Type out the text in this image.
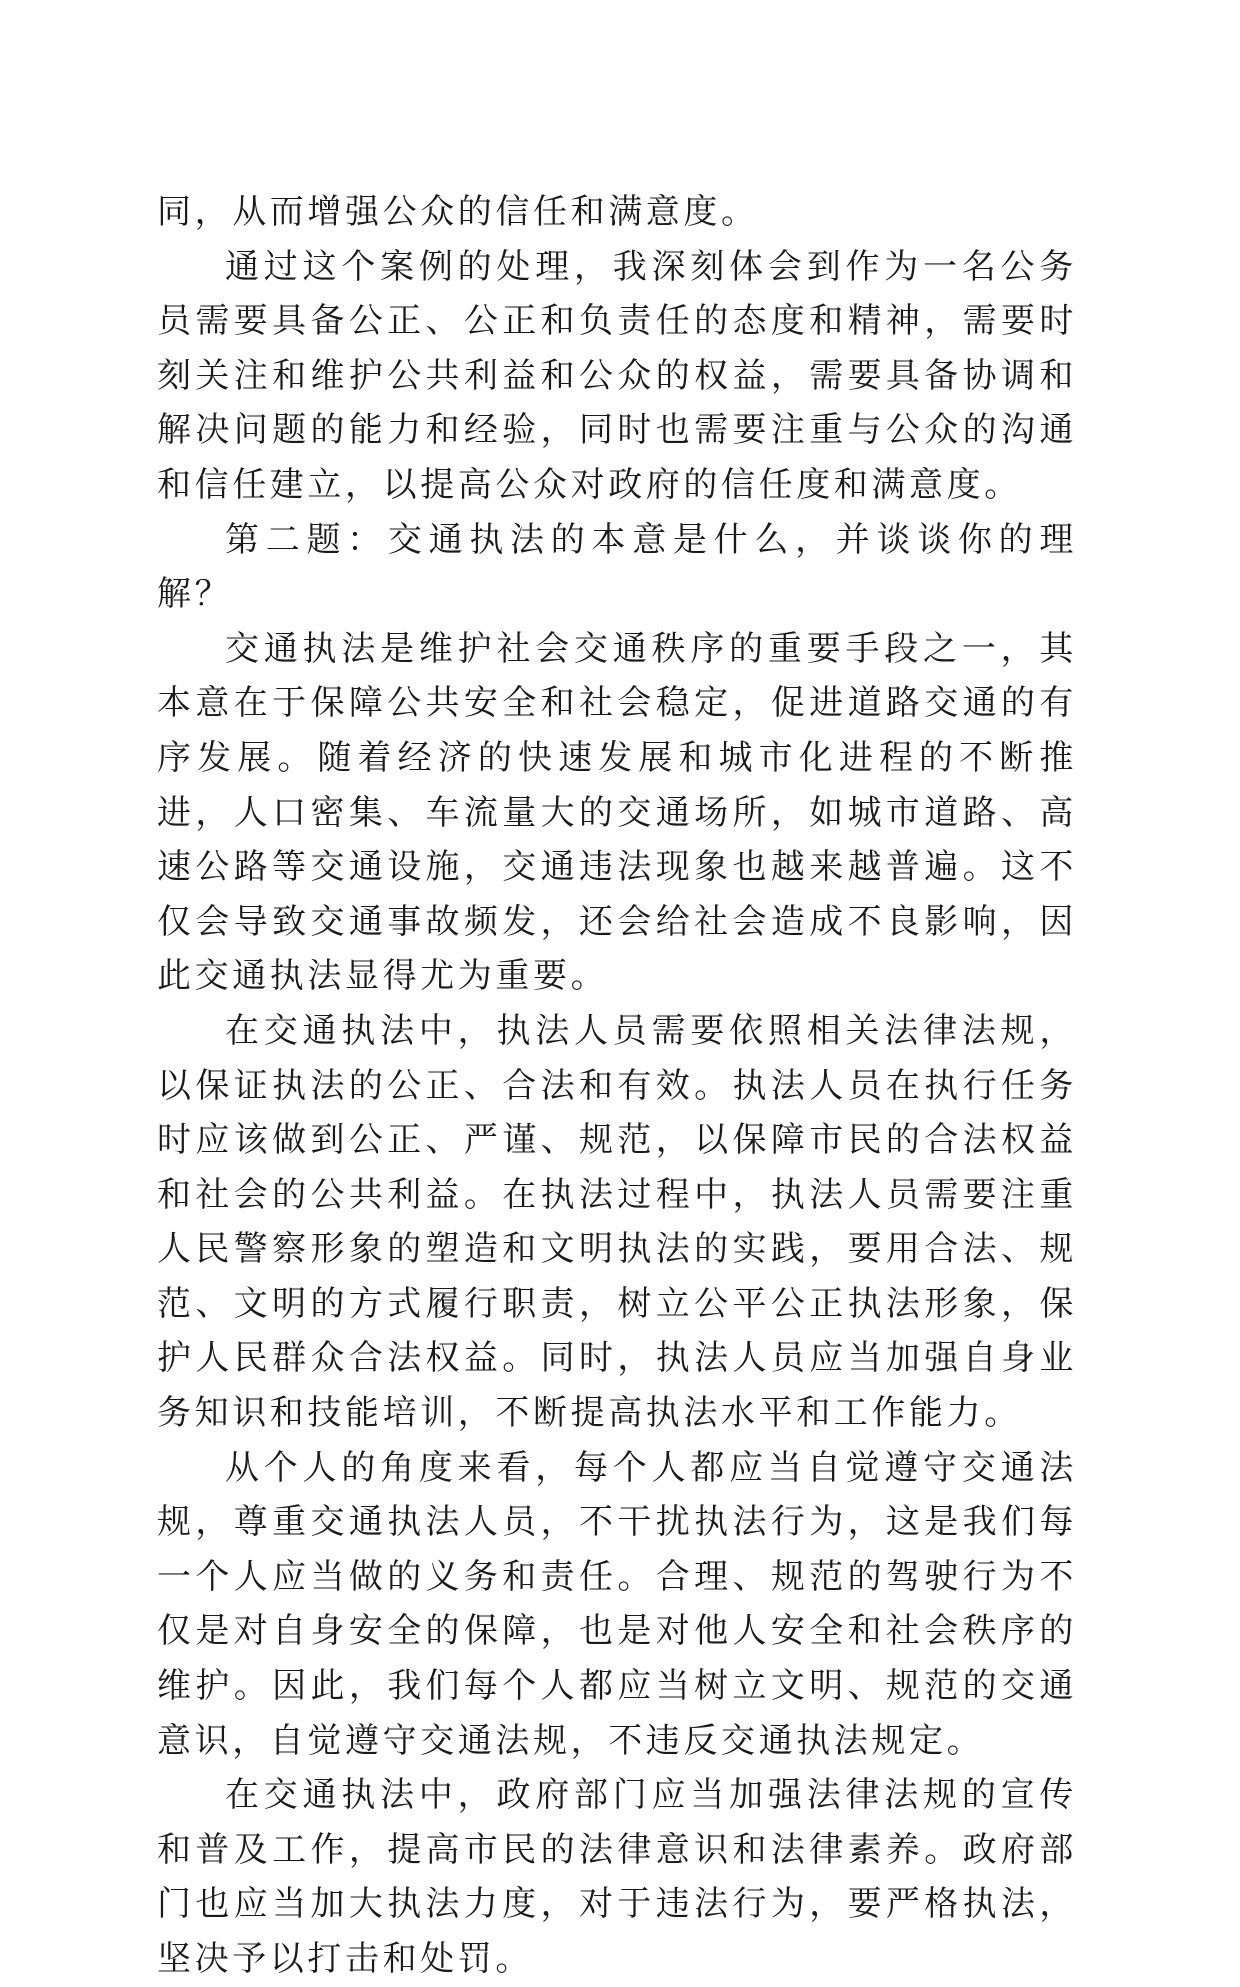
同，从而增强公众的信任和满意度。

通过这个案例的处理，我深刻体会到作为一名公务员需要具备公正、公正和负责任的态度和精神，需要时刻关注和维护公共利益和公众的权益，需要具备协调和解决问题的能力和经验，同时也需要注重与公众的沟通和信任建立，以提高公众对政府的信任度和满意度。

第二题：交通执法的本意是什么，并谈谈你的理解？

交通执法是维护社会交通秩序的重要手段之一，其本意在于保障公共安全和社会稳定，促进道路交通的有序发展。随着经济的快速发展和城市化进程的不断推进，人口密集、车流量大的交通场所，如城市道路、高速公路等交通设施，交通违法现象也越来越普遍。这不仅会导致交通事故频发，还会给社会造成不良影响，因此交通执法显得尤为重要。

在交通执法中，执法人员需要依照相关法律法规，以保证执法的公正、合法和有效。执法人员在执行任务时应该做到公正、严谨、规范，以保障市民的合法权益和社会的公共利益。在执法过程中，执法人员需要注重人民警察形象的塑造和文明执法的实践，要用合法、规范、文明的方式履行职责，树立公平公正执法形象，保护人民群众合法权益。同时，执法人员应当加强自身业务知识和技能培训，不断提高执法水平和工作能力。

从个人的角度来看，每个人都应当自觉遵守交通法规，尊重交通执法人员，不干扰执法行为，这是我们每一个人应当做的义务和责任。合理、规范的驾驶行为不仅是对自身安全的保障，也是对他人安全和社会秩序的维护。因此，我们每个人都应当树立文明、规范的交通意识，自觉遵守交通法规，不违反交通执法规定。

在交通执法中，政府部门应当加强法律法规的宣传和普及工作，提高市民的法律意识和法律素养。政府部门也应当加大执法力度，对于违法行为，要严格执法，坚决予以打击和处罚。
